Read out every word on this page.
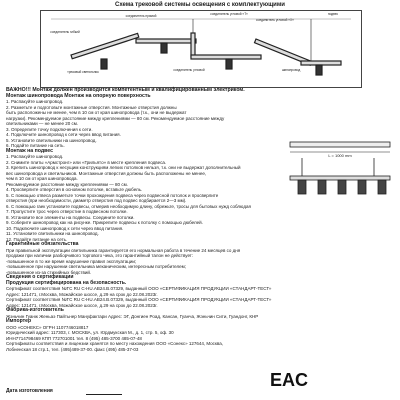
Схема трековой системы освещения с комплектующими
соединитель гибкий
соединитель прямой
соединитель угловой
соединитель угловой «Т»
соединитель угловой «X»
трековый светильник	шинопровод
подвес

ВАЖНО!!! Монтаж должен производится компетентным и квалифицированным электриком.

Монтаж шинопровода Монтаж на опорную поверхность

1. Распакуйте шинопровод.

2. Разметьте и подготовьте монтажные отверстия. Монтажные отверстия должны

быть расположены не менее, чем в 10 см от края шинопровода (т.к., они не выдержат

нагрузки). Рекомендуемое расстояние между креплениями — 80 см. Рекомендуемое расстояние между

светильниками — не менее 20 см.

3. Определите точку подключения к сети.

4. Подключите шинопровод к сети через ввод питания.

5. Установите светильники на шинопровод.

6. Подайте питание на сеть.

Монтаж на подвес

1. Распакуйте шинопровод.

2. Снимите плиты «Армстронг» или «Грильято» в месте крепления подвеса.

3. Крепить шинопровод к несущим конструкциям легких потолков нельзя, т.к. они не выдержат дополнительный

вес шинопровода и светильников. Монтажные отверстия должны быть расположены не менее,

чем в 10 см от края шинопровода.

Рекомендуемое расстояние между креплениями — 80 см.

4. Просверлите отверстия в основном потолке, вставьте дюбель.

5. С помощью отвеса разметьте точки прохождения подвеса через подвесной потолок и просверлите

отверстия (при необходимости, диаметр отверстия под подвес подбирается 2—3 мм).

6. С помощью гаек установите подвесы, отмерив необходимую длину, обрежьте, тросы для бытовых нужд соблюдая

7. Пропустите трос через отверстие в подвесном потолке.

8. Установите все элементы на подвесы. Соедините потолки.

9. Соберите шинопровод как на рисунке. Прикрепите подвесы к потолку с помощью дюбелей.

10. Подключите шинопровод к сети через ввод питания.

11. Установите светильники на шинопровод.

12. Подайте питание на сеть.

Гарантийные обязательства

При правильной эксплуатации светильника гарантируется его нормальная работа в течение 24 месяцев со дня

продажи при наличии разборчивого торгового чека, это гарантийный талон не действует:

-повышенное в то же время нарушение правил эксплуатации;

-повышенное при нарушении светильника механическим, интересным потребителем;

-повышенное из-за стихийных бедствий.

Сведения о сертификации

Продукция сертифицирована на безопасность.

Сертификат соответствия №ТС RU C-HU.AB24.B.07329, выданный ООО «СЕРТИФИКАЦИЯ ПРОДУКЦИИ «СТАНДАРТ-ТЕСТ»

Адрес: 121471, г.Москва, Можайское шоссе, д.29 на срок до 22.08.2023г.

Сертификат соответствия №ТС RU C-HU.AB24.B.07329, выданный ООО «СЕРТИФИКАЦИЯ ПРОДУКЦИИ «СТАНДАРТ-ТЕСТ»

Адрес: 121471, г.Москва, Можайское шоссе, д.29 на срок до 22.08.2023г.

Фабрика-изготовитель

Жэньчин Гуанж Женьаэ Пайтьнер Мануфактари Адрес: ЭГ, Донгиен Роад, Кансан, Гуанча, Жэньчин Сити, Гуандонг, КНР

Импортер

ООО «СОНЕКС» ОГРН 1107746018817

Юридический адрес: 117303, г. МОСКВА, ул. Юрдмукская М., д. 1, стр. 5, оф. 30

ИНН7714798469 КПП 772701001 тел. 8 (495) 485-3700 485-07-48

Сертификаты соответствия и лицензии хранятся по месту нахождения ООО «Сонекс» 127644, Москва,

Лобненская 18 стр.1, тел. (495)489-37-00. факс (495) 485-37-03

L = 1000 mm
EAC
Дата изготовления
